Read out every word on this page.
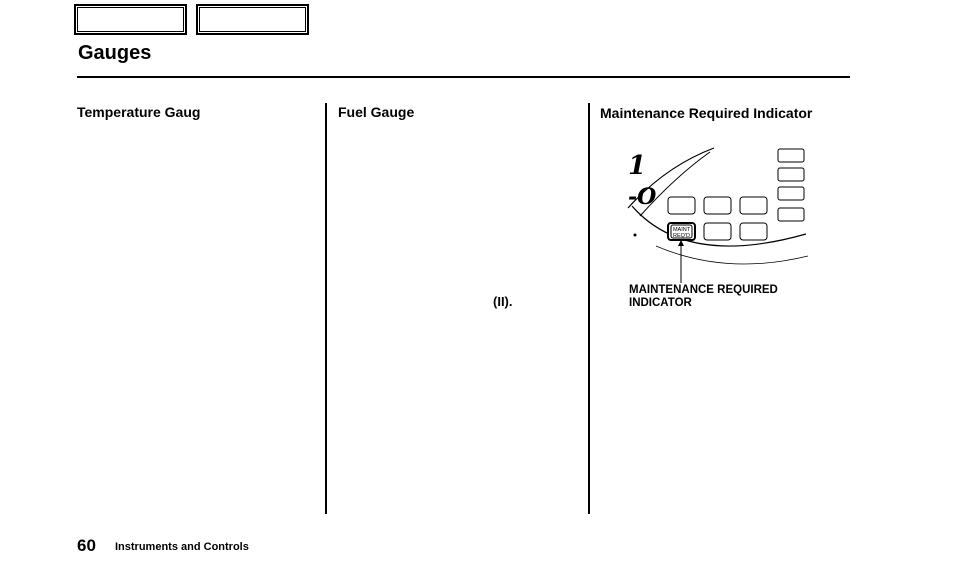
Gauges
Temperature Gaug	Fuel Gauge
(II).
Maintenance Required Indicator
1
-O
MAINT
REQ'D
MAINTENANCE REQUIRED
INDICATOR
60 Instruments and Controls
